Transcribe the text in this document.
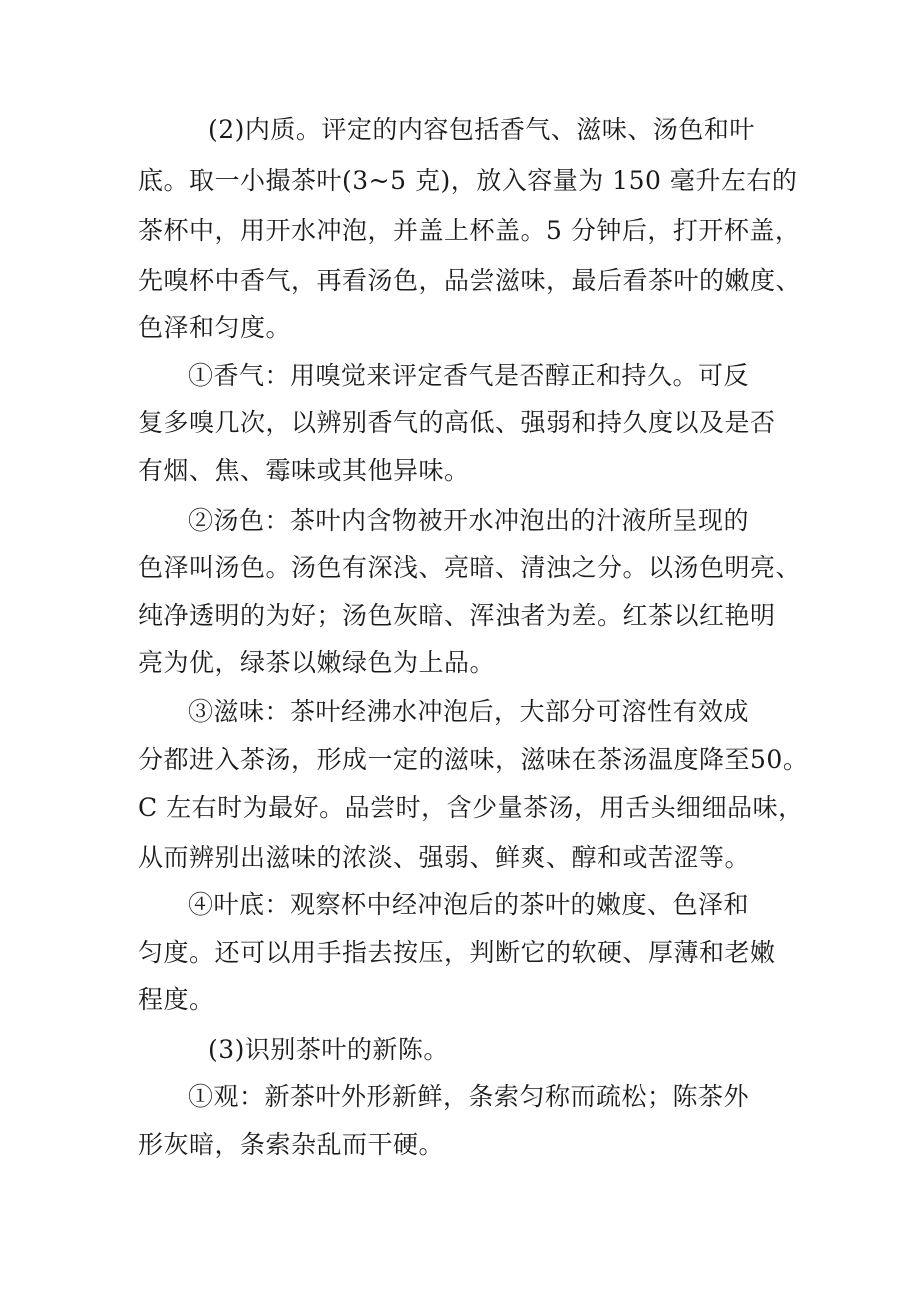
(2)内质。评定的内容包括香气、滋味、汤色和叶
底。取一小撮茶叶(3~5 克)，放入容量为 150 毫升左右的
茶杯中，用开水冲泡，并盖上杯盖。5 分钟后，打开杯盖，
先嗅杯中香气，再看汤色，品尝滋味，最后看茶叶的嫩度、
色泽和匀度。
①香气：用嗅觉来评定香气是否醇正和持久。可反
复多嗅几次，以辨别香气的高低、强弱和持久度以及是否
有烟、焦、霉味或其他异味。
②汤色：茶叶内含物被开水冲泡出的汁液所呈现的
色泽叫汤色。汤色有深浅、亮暗、清浊之分。以汤色明亮、
纯净透明的为好；汤色灰暗、浑浊者为差。红茶以红艳明
亮为优，绿茶以嫩绿色为上品。
③滋味：茶叶经沸水冲泡后，大部分可溶性有效成
分都进入茶汤，形成一定的滋味，滋味在茶汤温度降至50。
C 左右时为最好。品尝时，含少量茶汤，用舌头细细品味，
从而辨别出滋味的浓淡、强弱、鲜爽、醇和或苦涩等。
④叶底：观察杯中经冲泡后的茶叶的嫩度、色泽和
匀度。还可以用手指去按压，判断它的软硬、厚薄和老嫩
程度。
(3)识别茶叶的新陈。
①观：新茶叶外形新鲜，条索匀称而疏松；陈茶外
形灰暗，条索杂乱而干硬。
